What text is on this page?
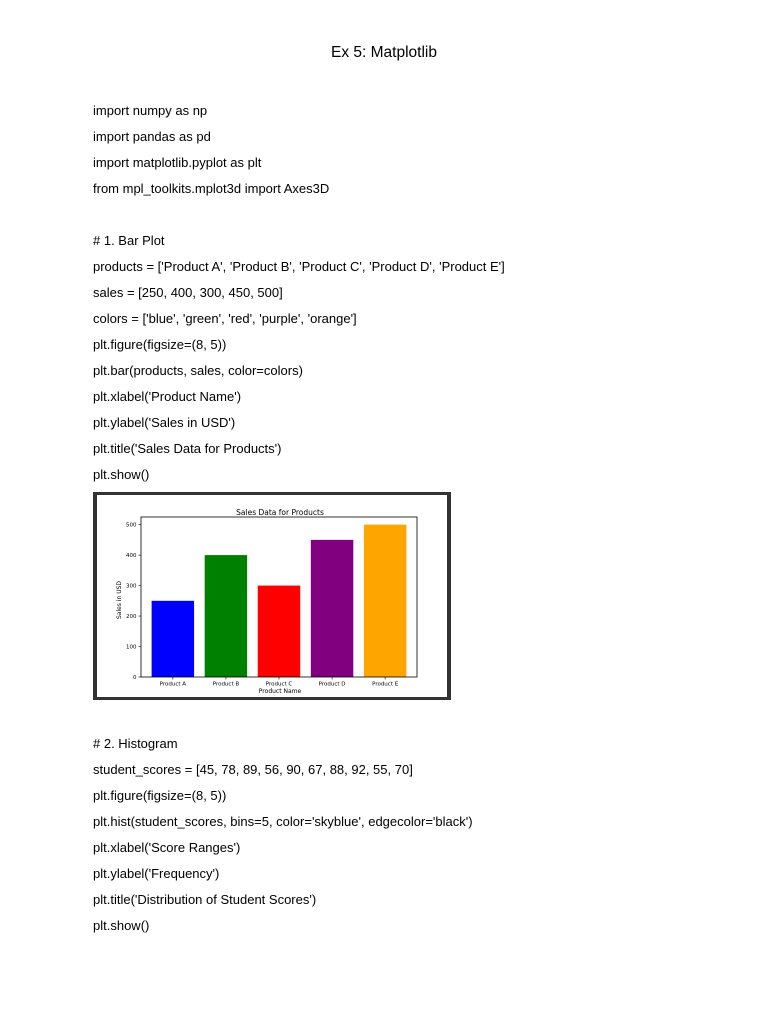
Ex 5: Matplotlib
import numpy as np
import pandas as pd
import matplotlib.pyplot as plt
from mpl_toolkits.mplot3d import Axes3D
# 1. Bar Plot
products = ['Product A', 'Product B', 'Product C', 'Product D', 'Product E']
sales = [250, 400, 300, 450, 500]
colors = ['blue', 'green', 'red', 'purple', 'orange']
plt.figure(figsize=(8, 5))
plt.bar(products, sales, color=colors)
plt.xlabel('Product Name')
plt.ylabel('Sales in USD')
plt.title('Sales Data for Products')
plt.show()
Sales Data for Products
Product Name
Sales in USD
0
100
200
300
400
500
Product A	Product B	Product C	Product D	Product E
# 2. Histogram
student_scores = [45, 78, 89, 56, 90, 67, 88, 92, 55, 70]
plt.figure(figsize=(8, 5))
plt.hist(student_scores, bins=5, color='skyblue', edgecolor='black')
plt.xlabel('Score Ranges')
plt.ylabel('Frequency')
plt.title('Distribution of Student Scores')
plt.show()
